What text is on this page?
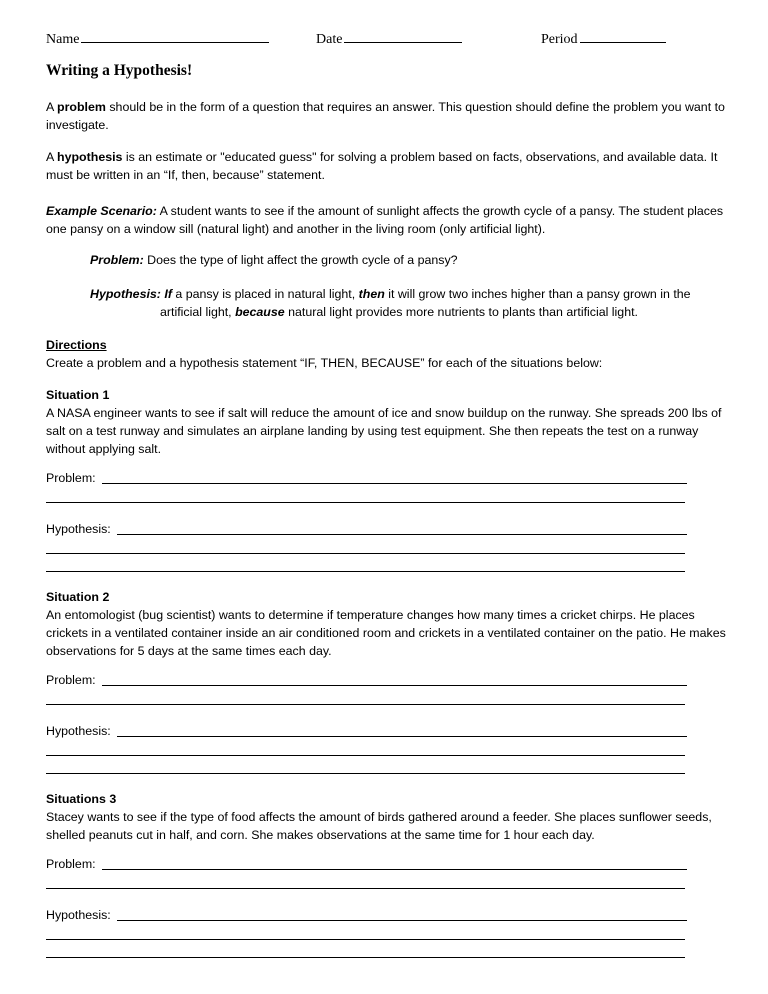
Name	Date	Period
Writing a Hypothesis!

A problem should be in the form of a question that requires an answer. This question should define the problem you want to investigate.

A hypothesis is an estimate or "educated guess" for solving a problem based on facts, observations, and available data. It must be written in an “If, then, because” statement.

Example Scenario: A student wants to see if the amount of sunlight affects the growth cycle of a pansy. The student places one pansy on a window sill (natural light) and another in the living room (only artificial light).

Problem: Does the type of light affect the growth cycle of a pansy?

Hypothesis: If a pansy is placed in natural light, then it will grow two inches higher than a pansy grown in the artificial light, because natural light provides more nutrients to plants than artificial light.

Directions

Create a problem and a hypothesis statement “IF, THEN, BECAUSE” for each of the situations below:

Situation 1

A NASA engineer wants to see if salt will reduce the amount of ice and snow buildup on the runway. She spreads 200 lbs of salt on a test runway and simulates an airplane landing by using test equipment. She then repeats the test on a runway without applying salt.

Problem:
Hypothesis:

Situation 2

An entomologist (bug scientist) wants to determine if temperature changes how many times a cricket chirps. He places crickets in a ventilated container inside an air conditioned room and crickets in a ventilated container on the patio. He makes observations for 5 days at the same times each day.

Problem:
Hypothesis:

Situations 3

Stacey wants to see if the type of food affects the amount of birds gathered around a feeder. She places sunflower seeds, shelled peanuts cut in half, and corn. She makes observations at the same time for 1 hour each day.

Problem:
Hypothesis:
